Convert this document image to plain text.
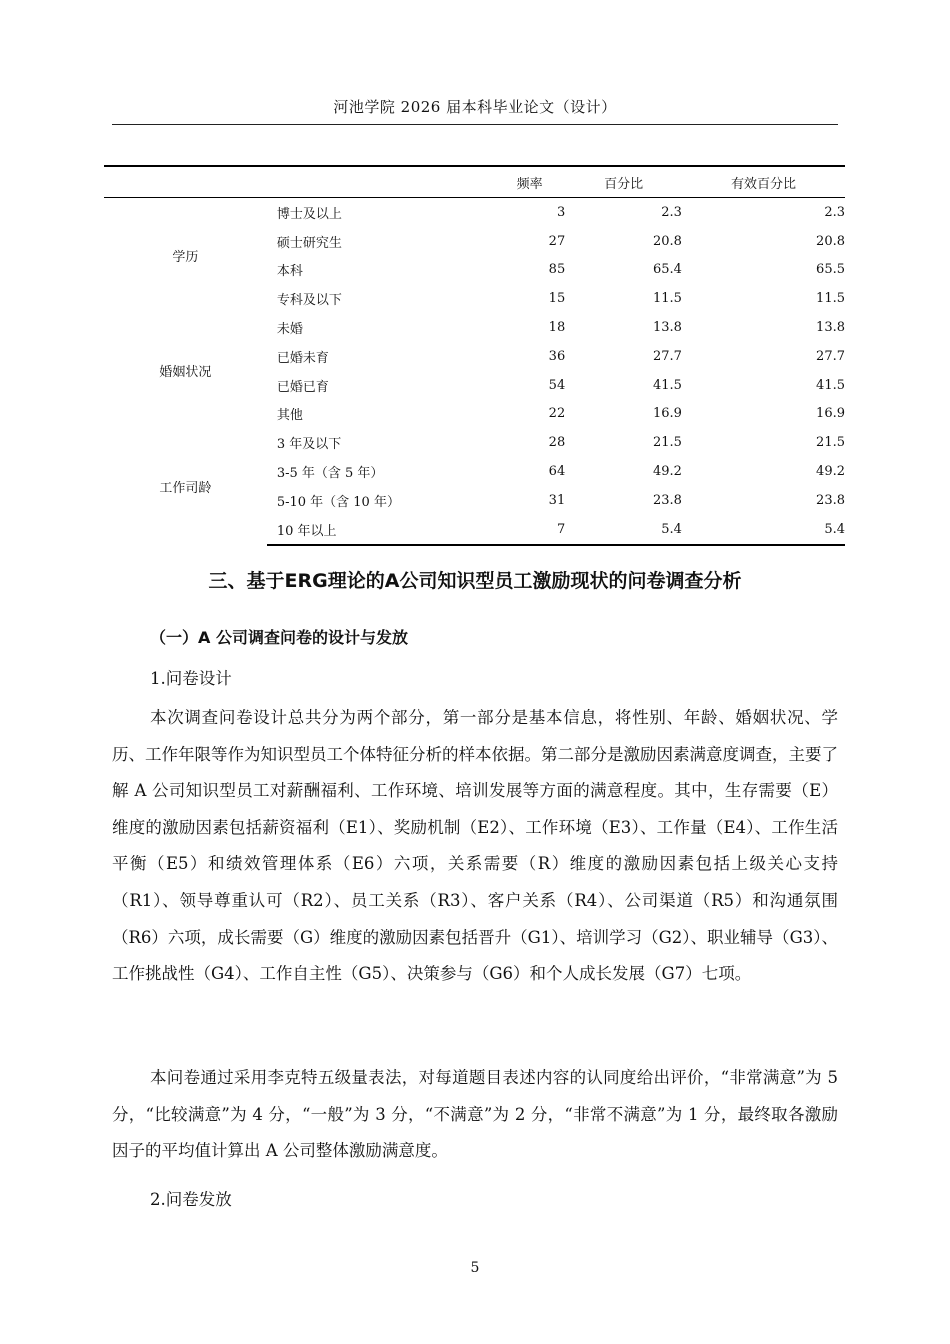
河池学院 2026 届本科毕业论文（设计）
		频率	百分比	有效百分比
学历	博士及以上	3	2.3	2.3
	硕士研究生	27	20.8	20.8
	本科	85	65.4	65.5
	专科及以下	15	11.5	11.5
婚姻状况	未婚	18	13.8	13.8
	已婚未育	36	27.7	27.7
	已婚已育	54	41.5	41.5
	其他	22	16.9	16.9
工作司龄	3 年及以下	28	21.5	21.5
	3-5 年（含 5 年）	64	49.2	49.2
	5-10 年（含 10 年）	31	23.8	23.8
	10 年以上	7	5.4	5.4
三、基于ERG理论的A公司知识型员工激励现状的问卷调查分析
（一）A 公司调查问卷的设计与发放
1.问卷设计

本次调查问卷设计总共分为两个部分，第一部分是基本信息，将性别、年龄、婚姻状况、学历、工作年限等作为知识型员工个体特征分析的样本依据。第二部分是激励因素满意度调查，主要了解 A 公司知识型员工对薪酬福利、工作环境、培训发展等方面的满意程度。其中，生存需要（E）维度的激励因素包括薪资福利（E1）、奖励机制（E2）、工作环境（E3）、工作量（E4）、工作生活平衡（E5）和绩效管理体系（E6）六项，关系需要（R）维度的激励因素包括上级关心支持（R1）、领导尊重认可（R2）、员工关系（R3）、客户关系（R4）、公司渠道（R5）和沟通氛围（R6）六项，成长需要（G）维度的激励因素包括晋升（G1）、培训学习（G2）、职业辅导（G3）、工作挑战性（G4）、工作自主性（G5）、决策参与（G6）和个人成长发展（G7）七项。

本问卷通过采用李克特五级量表法，对每道题目表述内容的认同度给出评价，“非常满意”为 5 分，“比较满意”为 4 分，“一般”为 3 分，“不满意”为 2 分，“非常不满意”为 1 分，最终取各激励因子的平均值计算出 A 公司整体激励满意度。

2.问卷发放
5
